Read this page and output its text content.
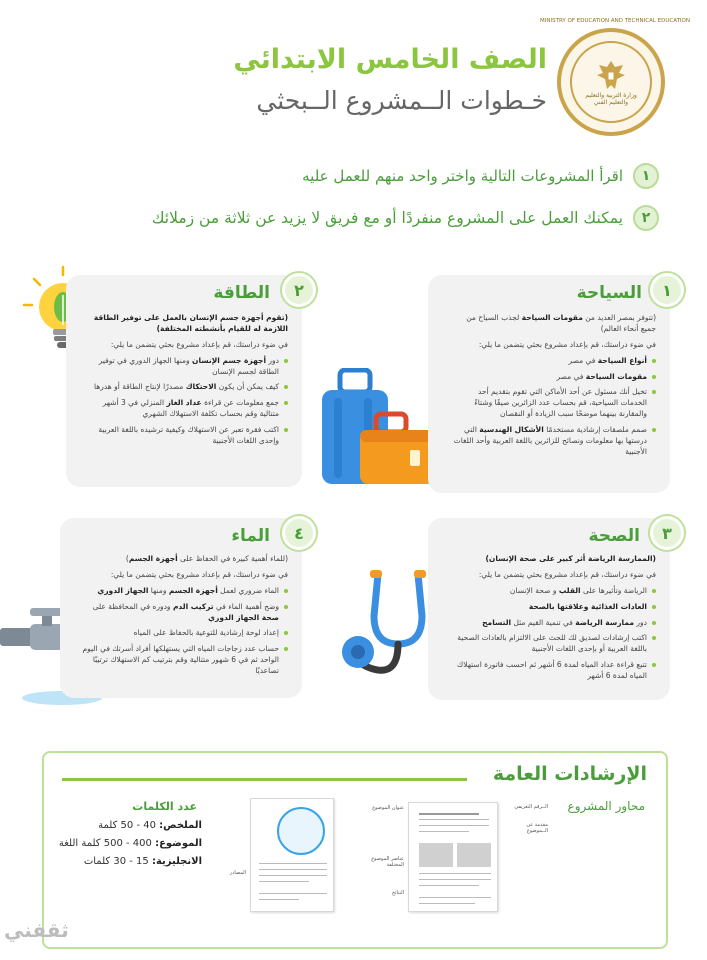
وزارة التربية والتعليم والتعليم الفني
MINISTRY OF EDUCATION AND TECHNICAL EDUCATION
الصف الخامس الابتدائي
خـطوات الــمشروع الــبحثي
١
اقرأ المشروعات التالية واختر واحد منهم للعمل عليه
٢
يمكنك العمل على المشروع منفردًا أو مع فريق لا يزيد عن ثلاثة من زملائك
١
السياحة

(تتوفر بمصر العديد من مقومات السياحة لجذب السياح من جميع أنحاء العالم)

في ضوء دراستك، قم بإعداد مشروع بحثي يتضمن ما يلي:

أنواع السياحة في مصر
مقومات السياحة في مصر
تخيل أنك مسئول عن أحد الأماكن التي تقوم بتقديم أحد الخدمات السياحية، قم بحساب عدد الزائرين صيفًا وشتاءً والمقارنة بينهما موضحًا سبب الزيادة أو النقصان
صمم ملصقات إرشادية مستخدمًا الأشكال الهندسية التي درستها بها معلومات ونصائح للزائرين باللغة العربية وأحد اللغات الأجنبية
٢
الطاقة

(تقوم أجهزة جسم الإنسان بالعمل على توفير الطاقة اللازمة له للقيام بأنشطته المختلفة)

في ضوء دراستك، قم بإعداد مشروع بحثي يتضمن ما يلي:

دور أجهزة جسم الإنسان ومنها الجهاز الدوري في توفير الطاقة لجسم الإنسان
كيف يمكن أن يكون الاحتكاك مصدرًا لإنتاج الطاقة أو هدرها
جمع معلومات عن قراءة عداد الغاز المنزلي في 3 أشهر متتالية وقم بحساب تكلفة الاستهلاك الشهري
اكتب فقرة تعبر عن الاستهلاك وكيفية ترشيده باللغة العربية وإحدى اللغات الأجنبية
٣
الصحة

(الممارسة الرياضة أثر كبير على صحة الإنسان)

في ضوء دراستك، قم بإعداد مشروع بحثي يتضمن ما يلي:

الرياضة وتأثيرها على القلب و صحة الإنسان
العادات الغذائية وعلاقتها بالصحة
دور ممارسة الرياضة في تنمية القيم مثل التسامح
اكتب إرشادات لصديق لك للحث على الالتزام بالعادات الصحية باللغة العربية أو بإحدى اللغات الأجنبية
تتبع قراءة عداد المياه لمدة 6 أشهر ثم احسب فاتورة استهلاك المياه لمدة 6 أشهر
٤
الماء

(للماء أهمية كبيرة في الحفاظ على أجهزة الجسم)

في ضوء دراستك، قم بإعداد مشروع بحثي يتضمن ما يلي:

الماء ضروري لعمل أجهزة الجسم ومنها الجهاز الدوري
وضح أهمية الماء في تركيب الدم ودوره في المحافظة على صحة الجهاز الدوري
إعداد لوحة إرشادية للتوعية بالحفاظ على المياه
حساب عدد زجاجات المياه التي يستهلكها أفراد أسرتك في اليوم الواحد ثم في 6 شهور متتالية وقم بترتيب كم الاستهلاك ترتيبًا تصاعديًا
الإرشادات العامة
محاور المشروع
عدد الكلمات
الملخص: 40 - 50 كلمة
الموضوع: 400 - 500 كلمة اللغة
الانجليزية: 15 - 30 كلمات
الــرقم التعريفي
مقدمة عن الــموضوع
عنوان الموضوع
عناصر الموضوع المختلفة
النتائج
المصادر
ثقفني
